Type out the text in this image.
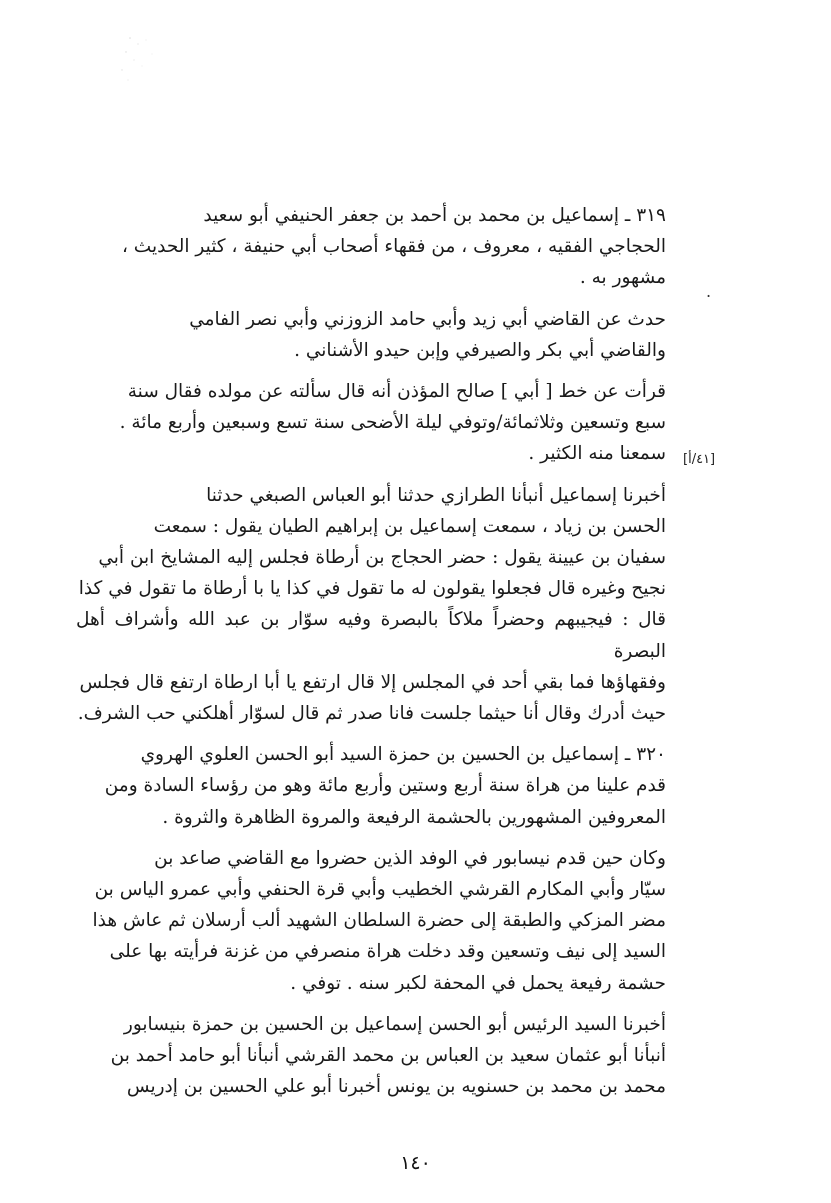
.
[٤١/أ]

٣١٩ ـ إسماعيل بن محمد بن أحمد بن جعفر الحنيفي أبو سعيد

الحجاجي الفقيه ، معروف ، من فقهاء أصحاب أبي حنيفة ، كثير الحديث ،

مشهور به .

حدث عن القاضي أبي زيد وأبي حامد الزوزني وأبي نصر الفامي

والقاضي أبي بكر والصيرفي وإبن حيدو الأشناني .

قرأت عن خط [ أبي ] صالح المؤذن أنه قال سألته عن مولده فقال سنة

سبع وتسعين وثلاثمائة/وتوفي ليلة الأضحى سنة تسع وسبعين وأربع مائة .

سمعنا منه الكثير .

أخبرنا إسماعيل أنبأنا الطرازي حدثنا أبو العباس الصبغي حدثنا

الحسن بن زياد ، سمعت إسماعيل بن إبراهيم الطيان يقول : سمعت

سفيان بن عيينة يقول : حضر الحجاج بن أرطاة فجلس إليه المشايخ ابن أبي

نجيح وغيره قال فجعلوا يقولون له ما تقول في كذا يا با أرطاة ما تقول في كذا

قال : فيجيبهم وحضراً ملاكاً بالبصرة وفيه سوّار بن عبد الله وأشراف أهل البصرة

وفقهاؤها فما بقي أحد في المجلس إلا قال ارتفع يا أبا ارطاة ارتفع قال فجلس

حيث أدرك وقال أنا حيثما جلست فانا صدر ثم قال لسوّار أهلكني حب الشرف.

٣٢٠ ـ إسماعيل بن الحسين بن حمزة السيد أبو الحسن العلوي الهروي

قدم علينا من هراة سنة أربع وستين وأربع مائة وهو من رؤساء السادة ومن

المعروفين المشهورين بالحشمة الرفيعة والمروة الظاهرة والثروة .

وكان حين قدم نيسابور في الوفد الذين حضروا مع القاضي صاعد بن

سيّار وأبي المكارم القرشي الخطيب وأبي قرة الحنفي وأبي عمرو الياس بن

مضر المزكي والطبقة إلى حضرة السلطان الشهيد ألب أرسلان ثم عاش هذا

السيد إلى نيف وتسعين وقد دخلت هراة منصرفي من غزنة فرأيته بها على

حشمة رفيعة يحمل في المحفة لكبر سنه . توفي .

أخبرنا السيد الرئيس أبو الحسن إسماعيل بن الحسين بن حمزة بنيسابور

أنبأنا أبو عثمان سعيد بن العباس بن محمد القرشي أنبأنا أبو حامد أحمد بن

محمد بن محمد بن حسنويه بن يونس أخبرنا أبو علي الحسين بن إدريس

١٤٠
